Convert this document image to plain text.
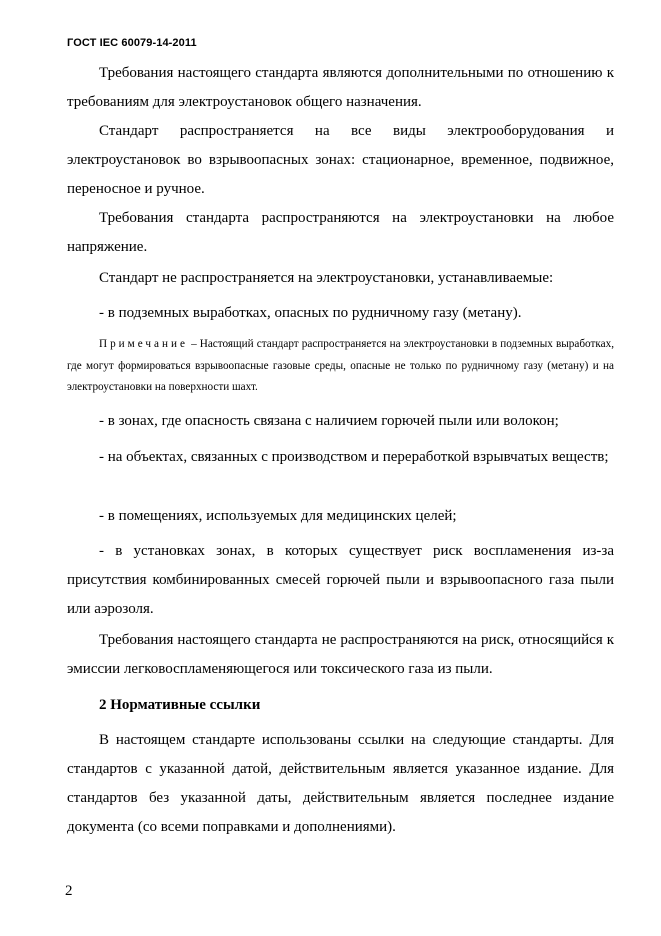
ГОСТ IEC 60079-14-2011

Требования настоящего стандарта являются дополнительными по отношению к требованиям для электроустановок общего назначения.

Стандарт распространяется на все виды электрооборудования и электроустановок во взрывоопасных зонах: стационарное, временное, подвижное, переносное и ручное.

Требования стандарта распространяются на электроустановки на любое напряжение.

Стандарт не распространяется на электроустановки, устанавливаемые:

- в подземных выработках, опасных по рудничному газу (метану).

Примечание – Настоящий стандарт распространяется на электроустановки в подземных выработках, где могут формироваться взрывоопасные газовые среды, опасные не только по рудничному газу (метану) и на электроустановки на поверхности шахт.

- в зонах, где опасность связана с наличием горючей пыли или волокон;

- на объектах, связанных с производством и переработкой взрывчатых веществ;

- в помещениях, используемых для медицинских целей;

- в установках зонах, в которых существует риск воспламенения из-за присутствия комбинированных смесей горючей пыли и взрывоопасного газа пыли или аэрозоля.

Требования настоящего стандарта не распространяются на риск, относящийся к эмиссии легковоспламеняющегося или токсического газа из пыли.

2 Нормативные ссылки

В настоящем стандарте использованы ссылки на следующие стандарты. Для стандартов с указанной датой, действительным является указанное издание. Для стандартов без указанной даты, действительным является последнее издание документа (со всеми поправками и дополнениями).

2
